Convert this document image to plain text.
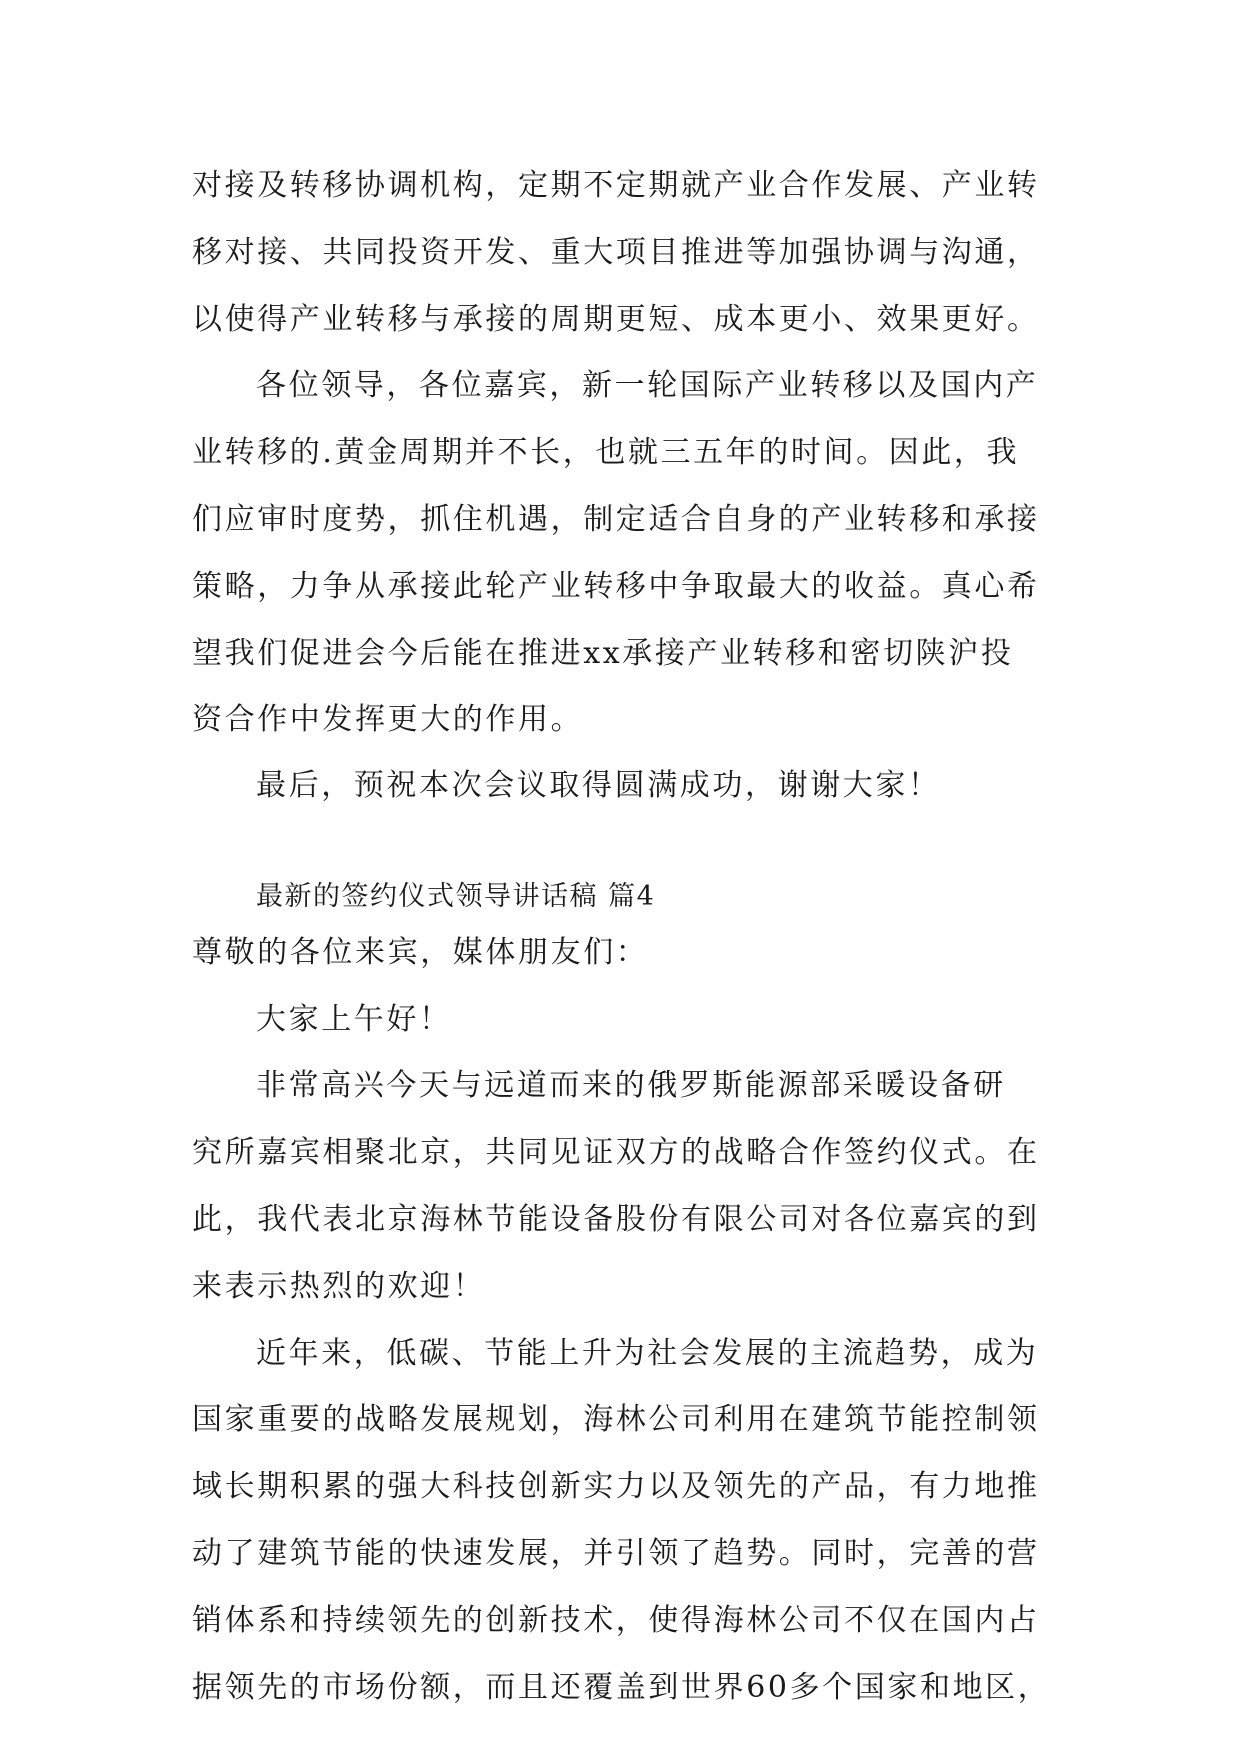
对接及转移协调机构，定期不定期就产业合作发展、产业转
移对接、共同投资开发、重大项目推进等加强协调与沟通，
以使得产业转移与承接的周期更短、成本更小、效果更好。
各位领导，各位嘉宾，新一轮国际产业转移以及国内产
业转移的.黄金周期并不长，也就三五年的时间。因此，我
们应审时度势，抓住机遇，制定适合自身的产业转移和承接
策略，力争从承接此轮产业转移中争取最大的收益。真心希
望我们促进会今后能在推进xx承接产业转移和密切陕沪投
资合作中发挥更大的作用。
最后，预祝本次会议取得圆满成功，谢谢大家！
最新的签约仪式领导讲话稿 篇4
尊敬的各位来宾，媒体朋友们：
大家上午好！
非常高兴今天与远道而来的俄罗斯能源部采暖设备研
究所嘉宾相聚北京，共同见证双方的战略合作签约仪式。在
此，我代表北京海林节能设备股份有限公司对各位嘉宾的到
来表示热烈的欢迎！
近年来，低碳、节能上升为社会发展的主流趋势，成为
国家重要的战略发展规划，海林公司利用在建筑节能控制领
域长期积累的强大科技创新实力以及领先的产品，有力地推
动了建筑节能的快速发展，并引领了趋势。同时，完善的营
销体系和持续领先的创新技术，使得海林公司不仅在国内占
据领先的市场份额，而且还覆盖到世界60多个国家和地区，
